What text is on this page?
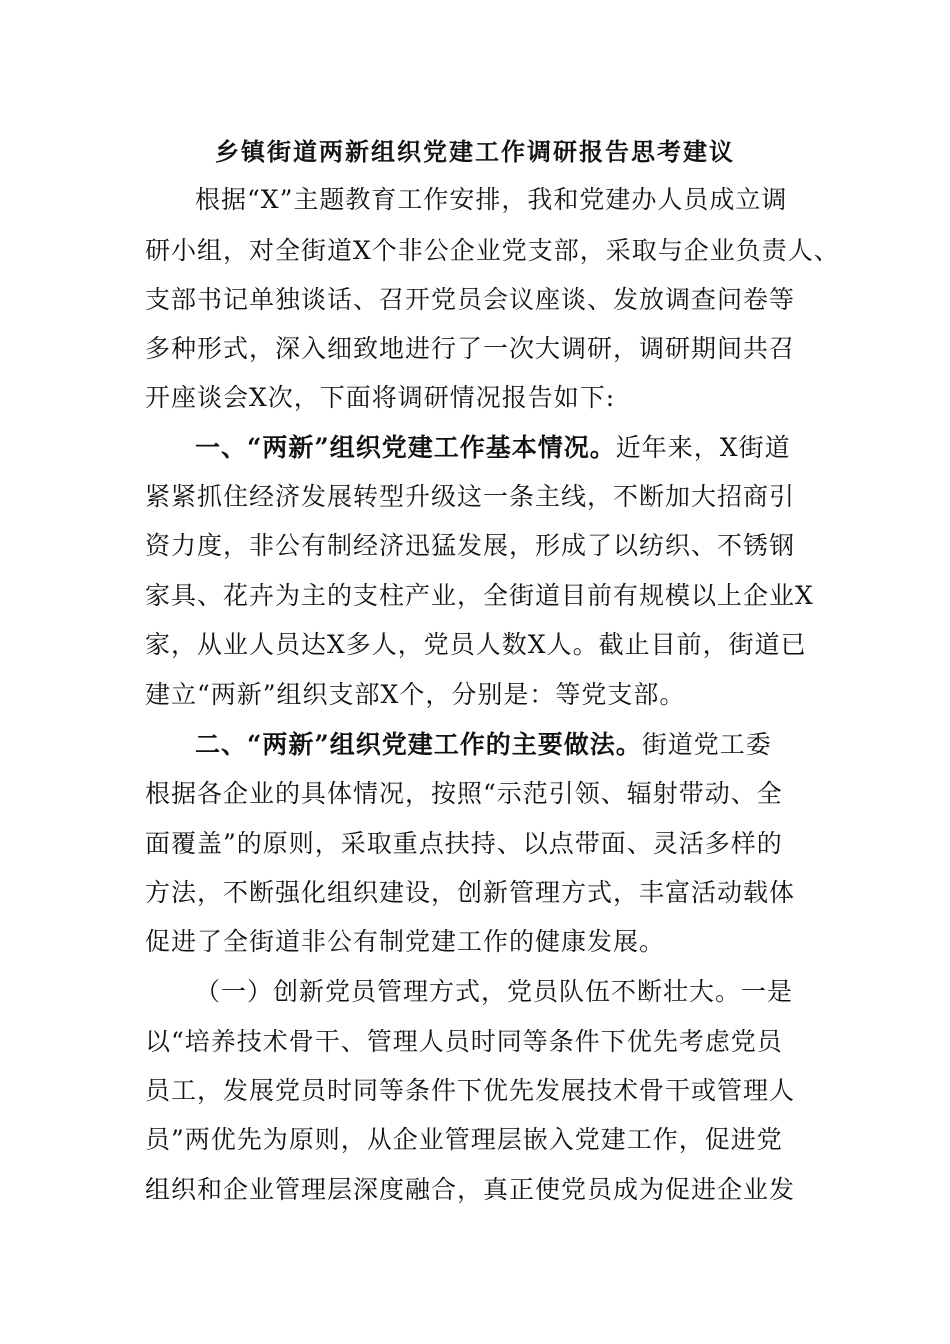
乡镇街道两新组织党建工作调研报告思考建议
根据“X”主题教育工作安排，我和党建办人员成立调
研小组，对全街道X个非公企业党支部，采取与企业负责人、
支部书记单独谈话、召开党员会议座谈、发放调查问卷等
多种形式，深入细致地进行了一次大调研，调研期间共召
开座谈会X次，下面将调研情况报告如下:
一、“两新”组织党建工作基本情况。近年来，X街道
紧紧抓住经济发展转型升级这一条主线，不断加大招商引
资力度，非公有制经济迅猛发展，形成了以纺织、不锈钢
家具、花卉为主的支柱产业，全街道目前有规模以上企业X
家，从业人员达X多人，党员人数X人。截止目前，街道已
建立“两新”组织支部X个，分别是：等党支部。
二、“两新”组织党建工作的主要做法。街道党工委
根据各企业的具体情况，按照“示范引领、辐射带动、全
面覆盖”的原则，采取重点扶持、以点带面、灵活多样的
方法，不断强化组织建设，创新管理方式，丰富活动载体
促进了全街道非公有制党建工作的健康发展。
（一）创新党员管理方式，党员队伍不断壮大。一是
以“培养技术骨干、管理人员时同等条件下优先考虑党员
员工，发展党员时同等条件下优先发展技术骨干或管理人
员”两优先为原则，从企业管理层嵌入党建工作，促进党
组织和企业管理层深度融合，真正使党员成为促进企业发
